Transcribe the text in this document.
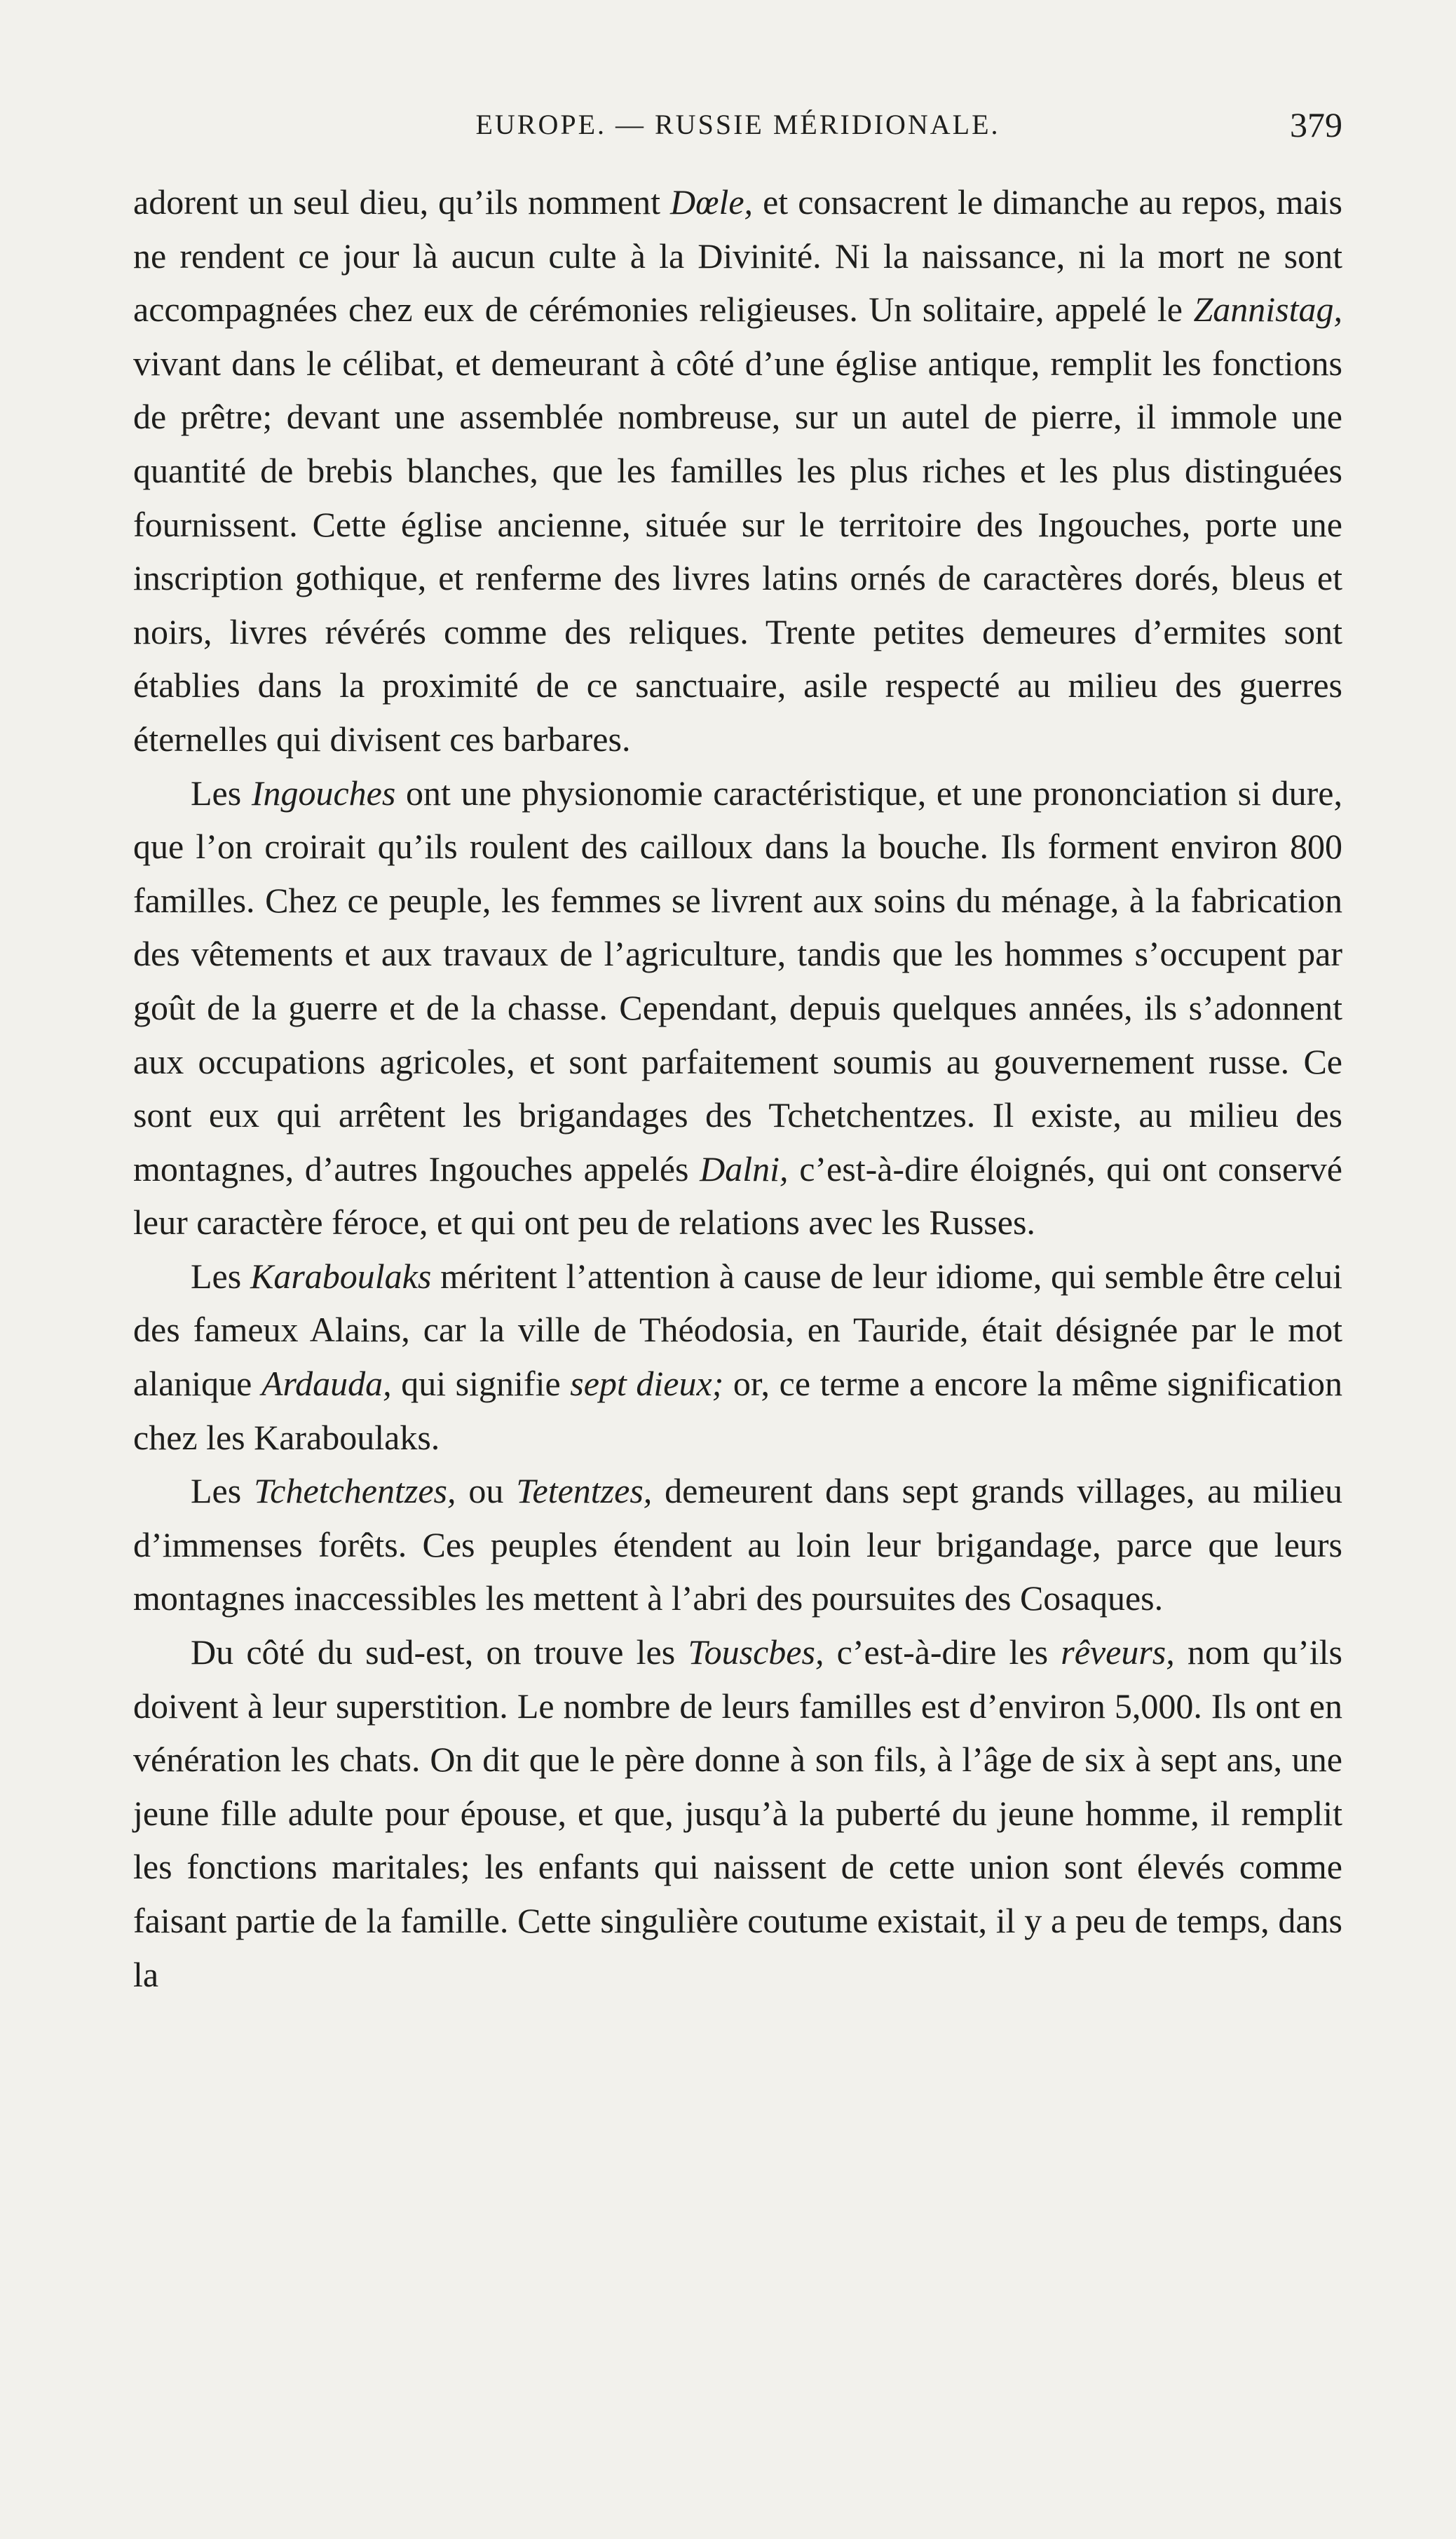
EUROPE. — RUSSIE MÉRIDIONALE.	379

adorent un seul dieu, qu’ils nomment Dœle, et consacrent le dimanche au repos, mais ne rendent ce jour là aucun culte à la Divinité. Ni la naissance, ni la mort ne sont accompagnées chez eux de cérémonies religieuses. Un solitaire, appelé le Zannistag, vivant dans le célibat, et demeurant à côté d’une église antique, remplit les fonctions de prêtre; devant une assemblée nombreuse, sur un autel de pierre, il immole une quantité de brebis blanches, que les familles les plus riches et les plus distinguées fournissent. Cette église ancienne, située sur le territoire des Ingouches, porte une inscription gothique, et renferme des livres latins ornés de caractères dorés, bleus et noirs, livres révérés comme des reliques. Trente petites demeures d’ermites sont établies dans la proximité de ce sanctuaire, asile respecté au milieu des guerres éternelles qui divisent ces barbares.

Les Ingouches ont une physionomie caractéristique, et une prononciation si dure, que l’on croirait qu’ils roulent des cailloux dans la bouche. Ils forment environ 800 familles. Chez ce peuple, les femmes se livrent aux soins du ménage, à la fabrication des vêtements et aux travaux de l’agriculture, tandis que les hommes s’occupent par goût de la guerre et de la chasse. Cependant, depuis quelques années, ils s’adonnent aux occupations agricoles, et sont parfaitement soumis au gouvernement russe. Ce sont eux qui arrêtent les brigandages des Tchetchentzes. Il existe, au milieu des montagnes, d’autres Ingouches appelés Dalni, c’est-à-dire éloignés, qui ont conservé leur caractère féroce, et qui ont peu de relations avec les Russes.

Les Karaboulaks méritent l’attention à cause de leur idiome, qui semble être celui des fameux Alains, car la ville de Théodosia, en Tauride, était désignée par le mot alanique Ardauda, qui signifie sept dieux; or, ce terme a encore la même signification chez les Karaboulaks.

Les Tchetchentzes, ou Tetentzes, demeurent dans sept grands villages, au milieu d’immenses forêts. Ces peuples étendent au loin leur brigandage, parce que leurs montagnes inaccessibles les mettent à l’abri des poursuites des Cosaques.

Du côté du sud-est, on trouve les Touscbes, c’est-à-dire les rêveurs, nom qu’ils doivent à leur superstition. Le nombre de leurs familles est d’environ 5,000. Ils ont en vénération les chats. On dit que le père donne à son fils, à l’âge de six à sept ans, une jeune fille adulte pour épouse, et que, jusqu’à la puberté du jeune homme, il remplit les fonctions maritales; les enfants qui naissent de cette union sont élevés comme faisant partie de la famille. Cette singulière coutume existait, il y a peu de temps, dans la
